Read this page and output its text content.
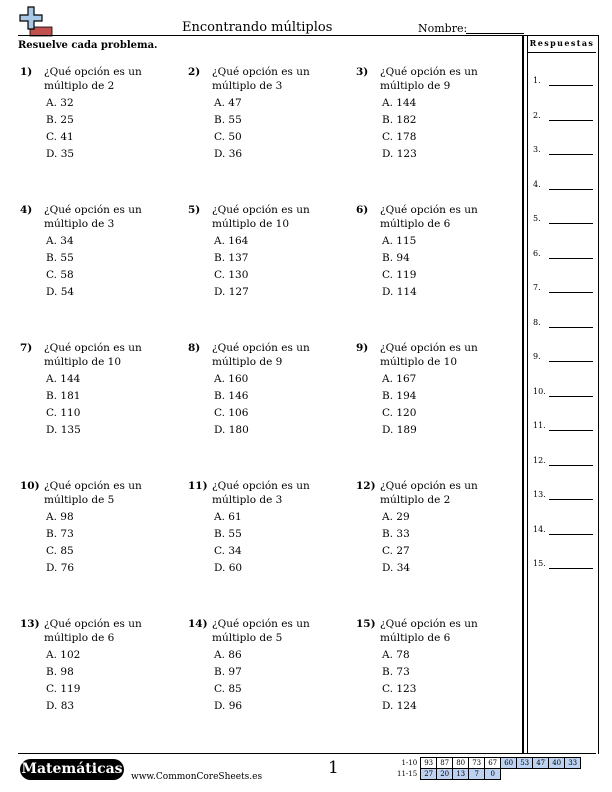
Encontrando múltiplos	Nombre:
Resuelve cada problema.	Respuestas
1.
2.
3.
4.
5.
6.
7.
8.
9.
10.
11.
12.
13.
14.
15.
1) ¿Qué opción es un múltiplo de 2
A. 32
B. 25
C. 41
D. 35
2) ¿Qué opción es un múltiplo de 3
A. 47
B. 55
C. 50
D. 36
3) ¿Qué opción es un múltiplo de 9
A. 144
B. 182
C. 178
D. 123
4) ¿Qué opción es un múltiplo de 3
A. 34
B. 55
C. 58
D. 54
5) ¿Qué opción es un múltiplo de 10
A. 164
B. 137
C. 130
D. 127
6) ¿Qué opción es un múltiplo de 6
A. 115
B. 94
C. 119
D. 114
7) ¿Qué opción es un múltiplo de 10
A. 144
B. 181
C. 110
D. 135
8) ¿Qué opción es un múltiplo de 9
A. 160
B. 146
C. 106
D. 180
9) ¿Qué opción es un múltiplo de 10
A. 167
B. 194
C. 120
D. 189
10) ¿Qué opción es un múltiplo de 5
A. 98
B. 73
C. 85
D. 76
11) ¿Qué opción es un múltiplo de 3
A. 61
B. 55
C. 34
D. 60
12) ¿Qué opción es un múltiplo de 2
A. 29
B. 33
C. 27
D. 34
13) ¿Qué opción es un múltiplo de 6
A. 102
B. 98
C. 119
D. 83
14) ¿Qué opción es un múltiplo de 5
A. 86
B. 97
C. 85
D. 96
15) ¿Qué opción es un múltiplo de 6
A. 78
B. 73
C. 123
D. 124
Matemáticas www.CommonCoreSheets.es	1	1-10	93	87	80	73	67	60	53	47	40	33
11-15	27	20	13	7	0					
